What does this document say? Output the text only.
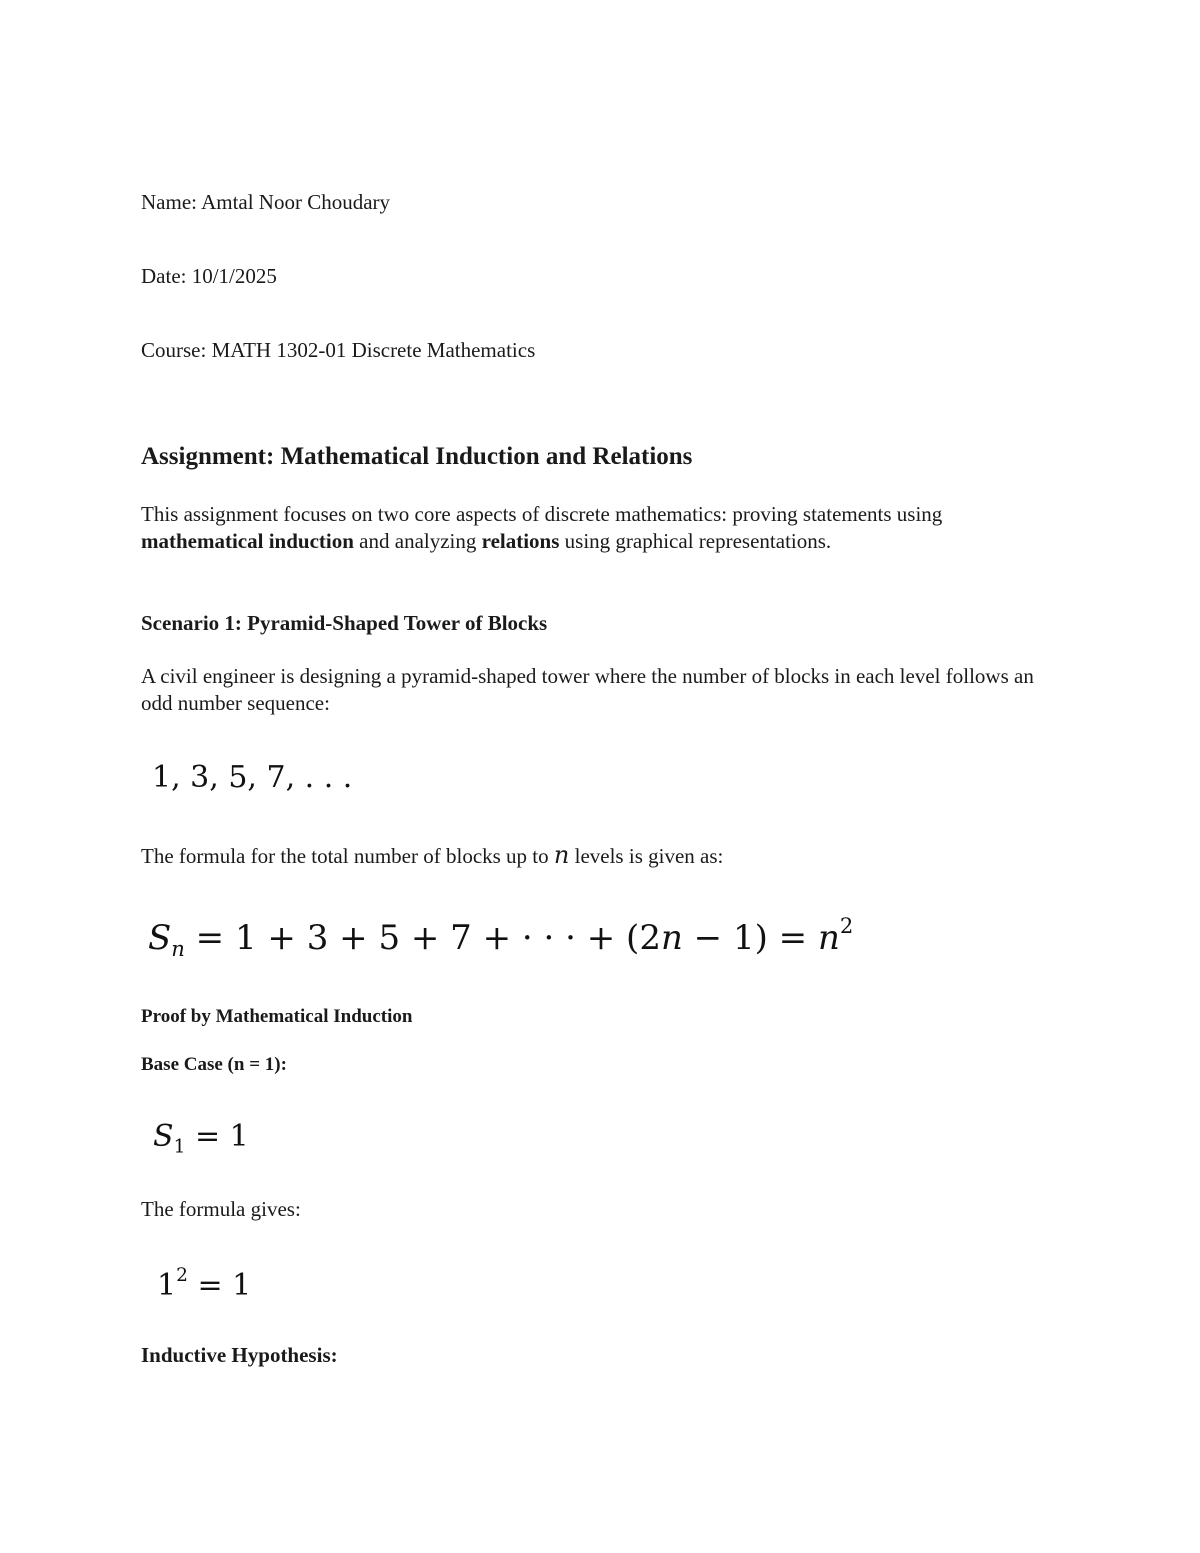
Name: Amtal Noor Choudary

Date: 10/1/2025

Course: MATH 1302-01 Discrete Mathematics

Assignment: Mathematical Induction and Relations

This assignment focuses on two core aspects of discrete mathematics: proving statements using mathematical induction and analyzing relations using graphical representations.

Scenario 1: Pyramid-Shaped Tower of Blocks

A civil engineer is designing a pyramid-shaped tower where the number of blocks in each level follows an odd number sequence:

1, 3, 5, 7, . . .

The formula for the total number of blocks up to n levels is given as:

$S_n = 1 + 3 + 5 + 7$ + · · · + $(2n - 1) = n^2$

Proof by Mathematical Induction

Base Case (n = 1):

$S_1 = 1$

The formula gives:

$1^2 = 1$

Inductive Hypothesis:
